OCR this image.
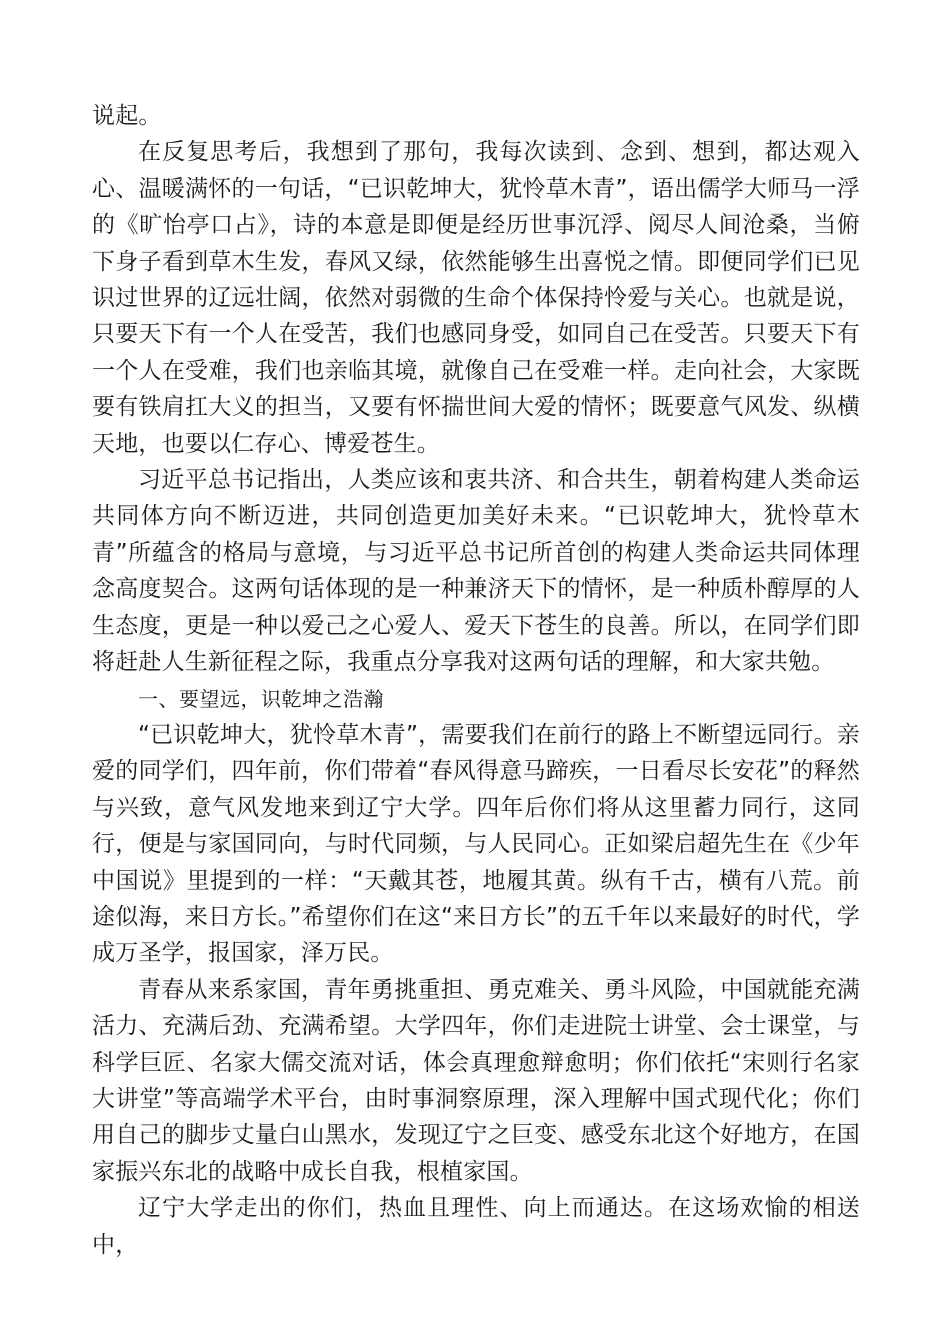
说起。

在反复思考后，我想到了那句，我每次读到、念到、想到，都达观入心、温暖满怀的一句话，“已识乾坤大，犹怜草木青”，语出儒学大师马一浮的《旷怡亭口占》，诗的本意是即便是经历世事沉浮、阅尽人间沧桑，当俯下身子看到草木生发，春风又绿，依然能够生出喜悦之情。即便同学们已见识过世界的辽远壮阔，依然对弱微的生命个体保持怜爱与关心。也就是说，只要天下有一个人在受苦，我们也感同身受，如同自己在受苦。只要天下有一个人在受难，我们也亲临其境，就像自己在受难一样。走向社会，大家既要有铁肩扛大义的担当，又要有怀揣世间大爱的情怀；既要意气风发、纵横天地，也要以仁存心、博爱苍生。

习近平总书记指出，人类应该和衷共济、和合共生，朝着构建人类命运共同体方向不断迈进，共同创造更加美好未来。“已识乾坤大，犹怜草木青”所蕴含的格局与意境，与习近平总书记所首创的构建人类命运共同体理念高度契合。这两句话体现的是一种兼济天下的情怀，是一种质朴醇厚的人生态度，更是一种以爱己之心爱人、爱天下苍生的良善。所以，在同学们即将赶赴人生新征程之际，我重点分享我对这两句话的理解，和大家共勉。

一、要望远，识乾坤之浩瀚

“已识乾坤大，犹怜草木青”，需要我们在前行的路上不断望远同行。亲爱的同学们，四年前，你们带着“春风得意马蹄疾，一日看尽长安花”的释然与兴致，意气风发地来到辽宁大学。四年后你们将从这里蓄力同行，这同行，便是与家国同向，与时代同频，与人民同心。正如梁启超先生在《少年中国说》里提到的一样：“天戴其苍，地履其黄。纵有千古，横有八荒。前途似海，来日方长。”希望你们在这“来日方长”的五千年以来最好的时代，学成万圣学，报国家，泽万民。

青春从来系家国，青年勇挑重担、勇克难关、勇斗风险，中国就能充满活力、充满后劲、充满希望。大学四年，你们走进院士讲堂、会士课堂，与科学巨匠、名家大儒交流对话，体会真理愈辩愈明；你们依托“宋则行名家大讲堂”等高端学术平台，由时事洞察原理，深入理解中国式现代化；你们用自己的脚步丈量白山黑水，发现辽宁之巨变、感受东北这个好地方，在国家振兴东北的战略中成长自我，根植家国。

辽宁大学走出的你们，热血且理性、向上而通达。在这场欢愉的相送中，
